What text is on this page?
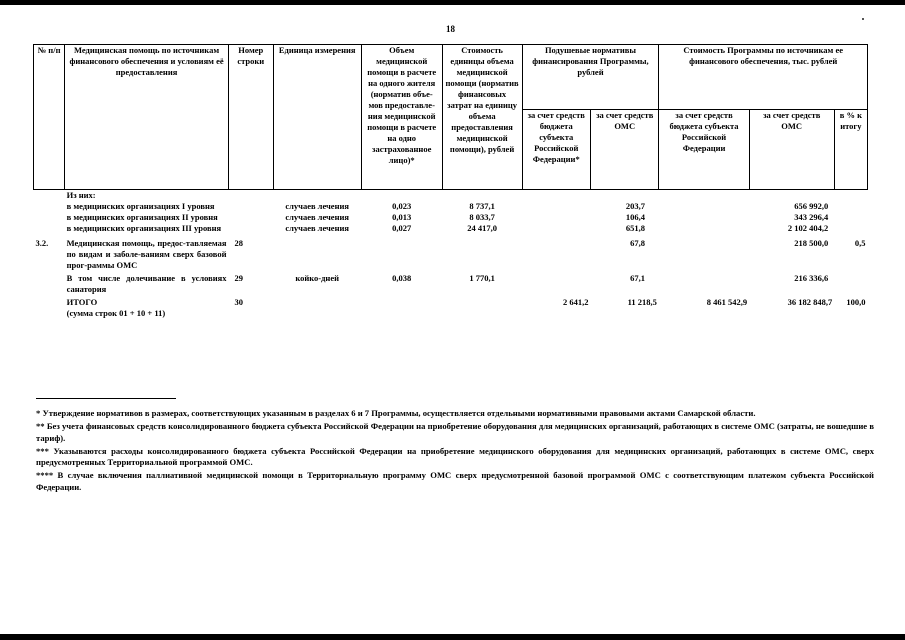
18
№ п/п	Медицинская помощь по источникам финансового обеспечения и условиям её предоставления	Номер строки	Единица измерения	Объем медицинской помощи в расчете на одного жителя (норматив объе-мов предоставле-ния медицинской помощи в расчете на одно застрахованное лицо)*	Стоимость единицы объема медицинской помощи (норматив финансовых затрат на единицу объема предоставления медицинской помощи), рублей	Подушевые нормативы финансирования Программы, рублей		Стоимость Программы по источникам ее финансового обеспечения, тыс. рублей		
						за счет средств бюджета субъекта Российской Федерации*	за счет средств ОМС	за счет средств бюджета субъекта Российской Федерации	за счет средств ОМС	в % к итогу
	Из них:									
	в медицинских организациях I уровня		случаев лечения	0,023	8 737,1		203,7		656 992,0	
	в медицинских организациях II уровня		случаев лечения	0,013	8 033,7		106,4		343 296,4	
	в медицинских организациях III уровня		случаев лечения	0,027	24 417,0		651,8		2 102 404,2	
3.2.	Медицинская помощь, предос-тавляемая по видам и заболе-ваниям сверх базовой прог-раммы ОМС	28					67,8		218 500,0	0,5
	В том числе долечивание в условиях санатория	29	койко-дней	0,038	1 770,1		67,1		216 336,6	

	ИТОГО
(сумма строк 01 + 10 + 11)	30				2 641,2	11 218,5	8 461 542,9	36 182 848,7	100,0

* Утверждение нормативов в размерах, соответствующих указанным в разделах 6 и 7 Программы, осуществляется отдельными нормативными правовыми актами Самарской области.

** Без учета финансовых средств консолидированного бюджета субъекта Российской Федерации на приобретение оборудования для медицинских организаций, работающих в системе ОМС (затраты, не вошедшие в тариф).

*** Указываются расходы консолидированного бюджета субъекта Российской Федерации на приобретение медицинского оборудования для медицинских организаций, работающих в системе ОМС, сверх предусмотренных Территориальной программой ОМС.

**** В случае включения паллиативной медицинской помощи в Территориальную программу ОМС сверх предусмотренной базовой программой ОМС с соответствующим платежом субъекта Российской Федерации.
